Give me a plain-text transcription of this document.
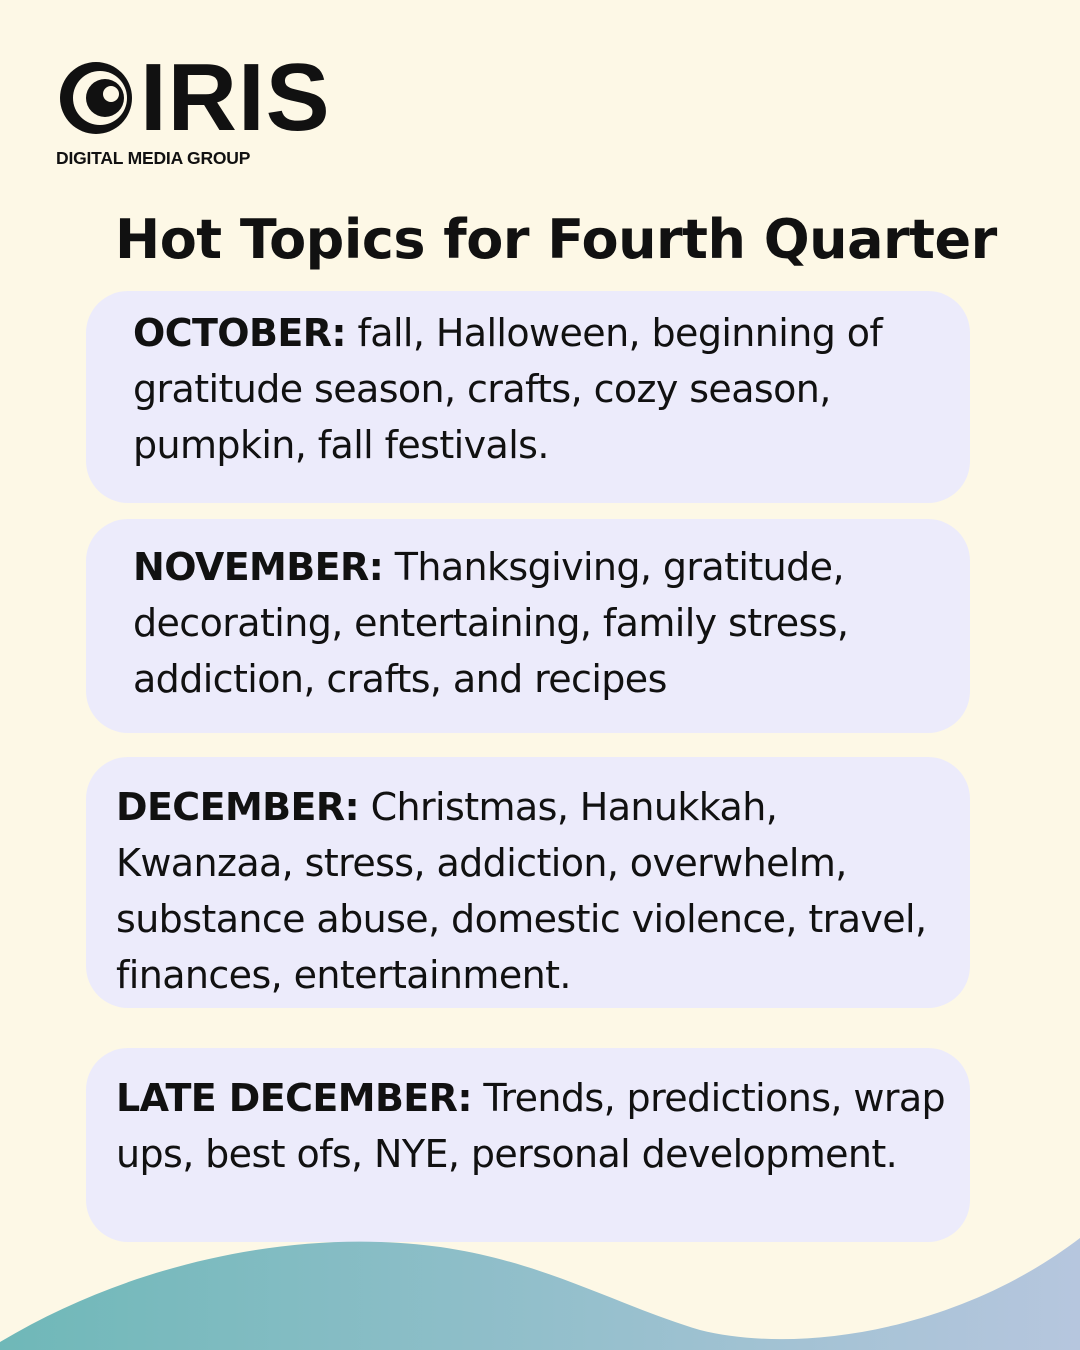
IRIS
DIGITAL MEDIA GROUP
Hot Topics for Fourth Quarter

OCTOBER: fall, Halloween, beginning of gratitude season, crafts, cozy season, pumpkin, fall festivals.

NOVEMBER: Thanksgiving, gratitude, decorating, entertaining, family stress, addiction, crafts, and recipes

DECEMBER: Christmas, Hanukkah, Kwanzaa, stress, addiction, overwhelm, substance abuse, domestic violence, travel, finances, entertainment.

LATE DECEMBER: Trends, predictions, wrap ups, best ofs, NYE, personal development.
